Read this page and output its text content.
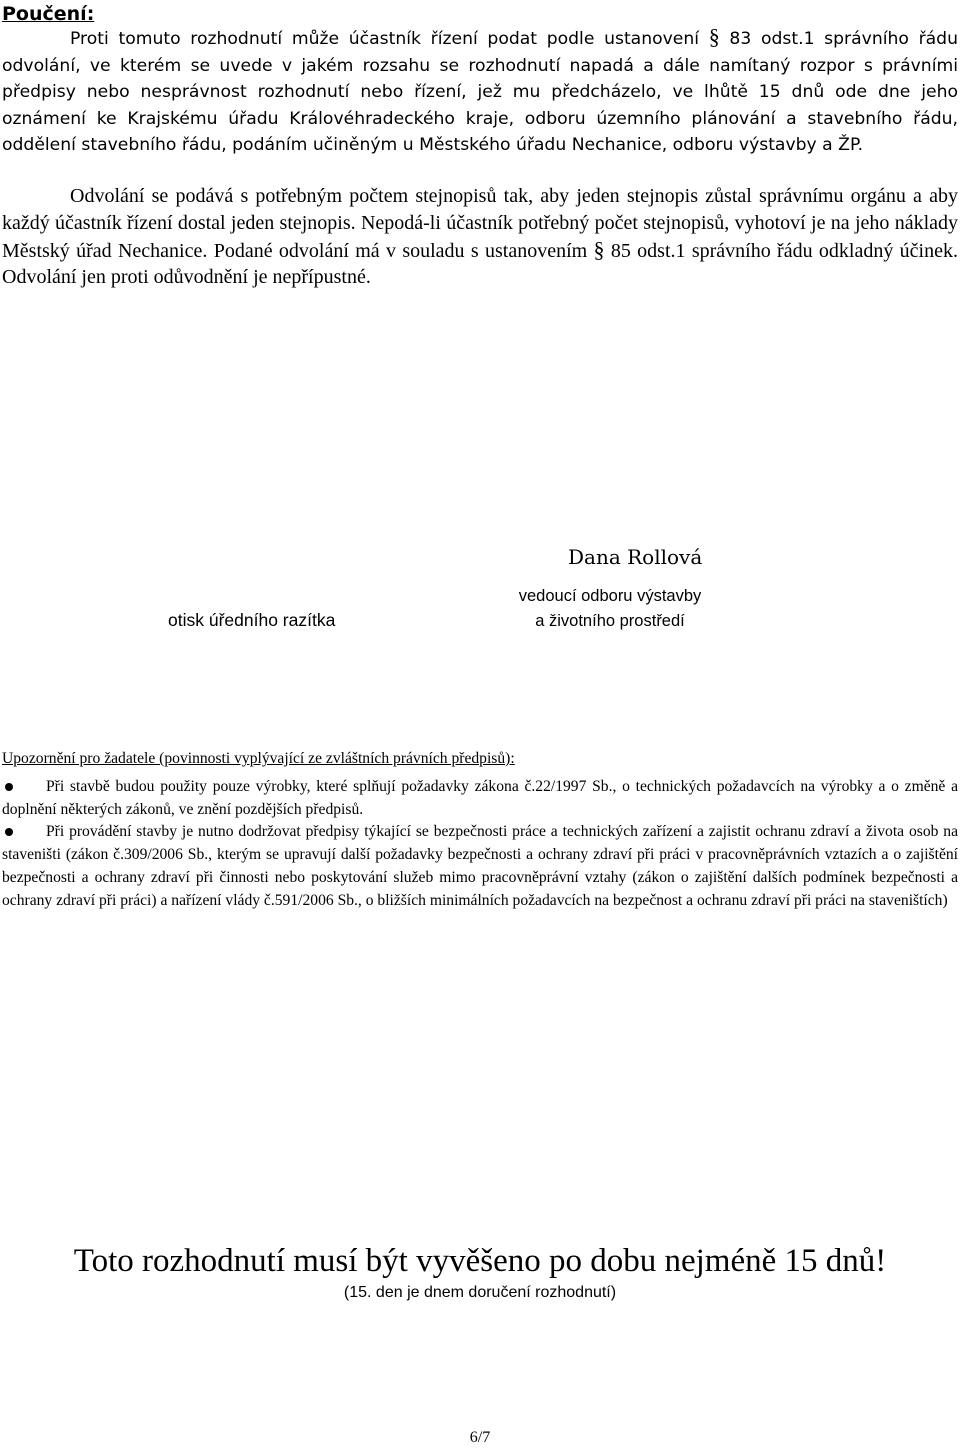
Poučení:

Proti tomuto rozhodnutí může účastník řízení podat podle ustanovení § 83 odst.1 správního řádu odvolání, ve kterém se uvede v jakém rozsahu se rozhodnutí napadá a dále namítaný rozpor s právními předpisy nebo nesprávnost rozhodnutí nebo řízení, jež mu předcházelo, ve lhůtě 15 dnů ode dne jeho oznámení ke Krajskému úřadu Královéhradeckého kraje, odboru územního plánování a stavebního řádu, oddělení stavebního řádu, podáním učiněným u Městského úřadu Nechanice, odboru výstavby a ŽP.

Odvolání se podává s potřebným počtem stejnopisů tak, aby jeden stejnopis zůstal správnímu orgánu a aby každý účastník řízení dostal jeden stejnopis. Nepodá-li účastník potřebný počet stejnopisů, vyhotoví je na jeho náklady Městský úřad Nechanice. Podané odvolání má v souladu s ustanovením § 85 odst.1 správního řádu odkladný účinek. Odvolání jen proti odůvodnění je nepřípustné.

Dana Rollová
vedoucí odboru výstavby
a životního prostředí
otisk úředního razítka
Upozornění pro žadatele (povinnosti vyplývající ze zvláštních právních předpisů):
Při stavbě budou použity pouze výrobky, které splňují požadavky zákona č.22/1997 Sb., o technických požadavcích na výrobky a o změně a doplnění některých zákonů, ve znění pozdějších předpisů.
Při provádění stavby je nutno dodržovat předpisy týkající se bezpečnosti práce a technických zařízení a zajistit ochranu zdraví a života osob na staveništi (zákon č.309/2006 Sb., kterým se upravují další požadavky bezpečnosti a ochrany zdraví při práci v pracovněprávních vztazích a o zajištění bezpečnosti a ochrany zdraví při činnosti nebo poskytování služeb mimo pracovněprávní vztahy (zákon o zajištění dalších podmínek bezpečnosti a ochrany zdraví při práci) a nařízení vlády č.591/2006 Sb., o bližších minimálních požadavcích na bezpečnost a ochranu zdraví při práci na staveništích)
Toto rozhodnutí musí být vyvěšeno po dobu nejméně 15 dnů!
(15. den je dnem doručení rozhodnutí)
6/7
